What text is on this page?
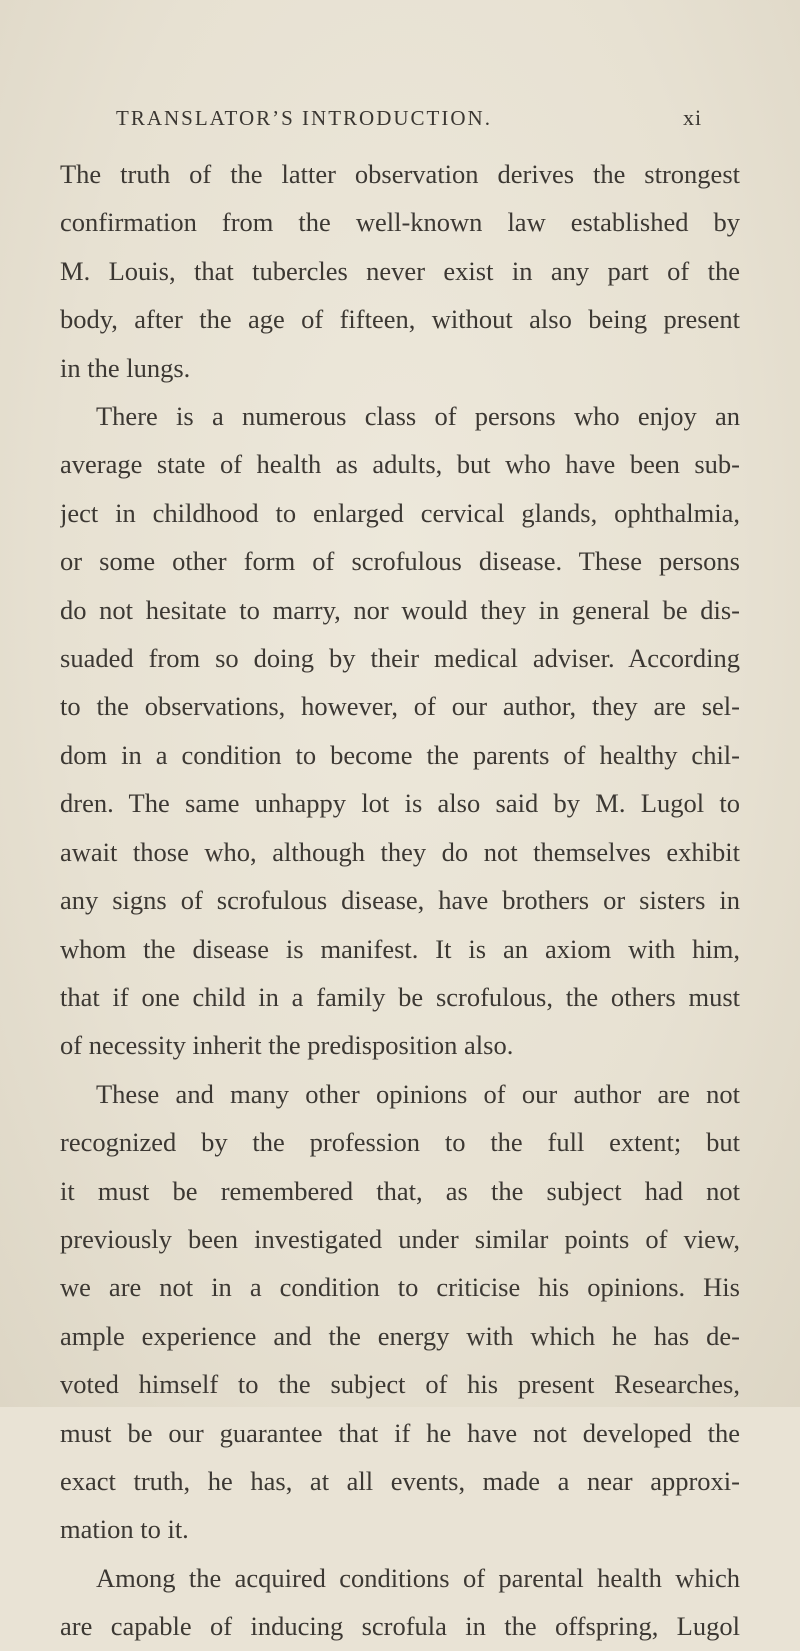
TRANSLATOR’S INTRODUCTION.	xi

The truth of the latter observation derives the strongest
confirmation from the well-known law established by
M. Louis, that tubercles never exist in any part of the
body, after the age of fifteen, without also being present
in the lungs.

There is a numerous class of persons who enjoy an
average state of health as adults, but who have been sub-
ject in childhood to enlarged cervical glands, ophthalmia,
or some other form of scrofulous disease. These persons
do not hesitate to marry, nor would they in general be dis-
suaded from so doing by their medical adviser. According
to the observations, however, of our author, they are sel-
dom in a condition to become the parents of healthy chil-
dren. The same unhappy lot is also said by M. Lugol to
await those who, although they do not themselves exhibit
any signs of scrofulous disease, have brothers or sisters in
whom the disease is manifest. It is an axiom with him,
that if one child in a family be scrofulous, the others must
of necessity inherit the predisposition also.

These and many other opinions of our author are not
recognized by the profession to the full extent; but
it must be remembered that, as the subject had not
previously been investigated under similar points of view,
we are not in a condition to criticise his opinions. His
ample experience and the energy with which he has de-
voted himself to the subject of his present Researches,
must be our guarantee that if he have not developed the
exact truth, he has, at all events, made a near approxi-
mation to it.

Among the acquired conditions of parental health which
are capable of inducing scrofula in the offspring, Lugol
